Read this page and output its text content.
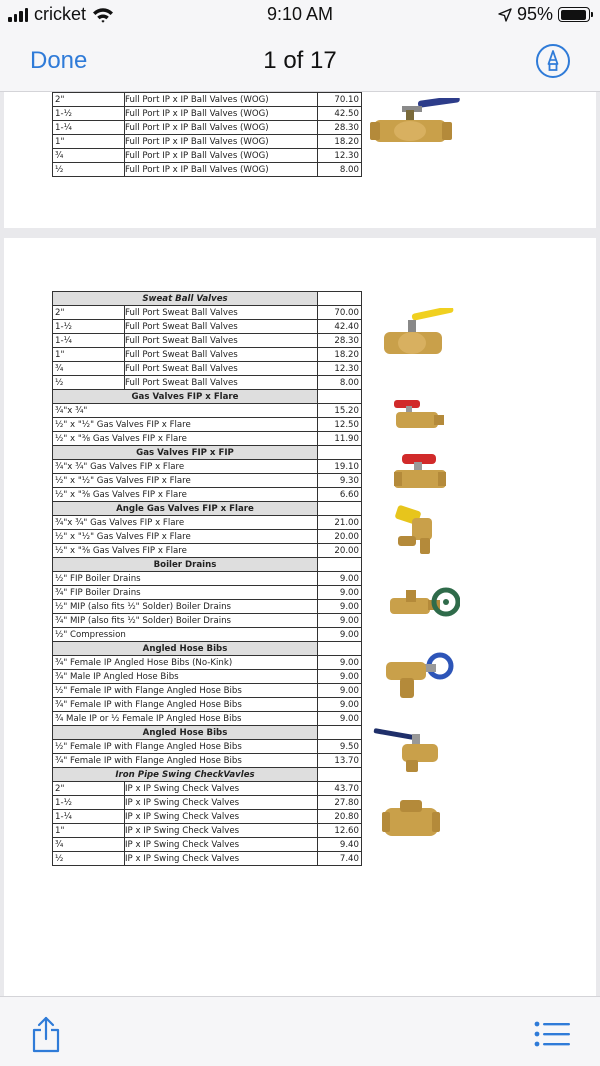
cricket	9:10 AM	95%
Done	1 of 17
2"	Full Port IP x IP Ball Valves (WOG)	70.10
1-½	Full Port IP x IP Ball Valves (WOG)	42.50
1-¼	Full Port IP x IP Ball Valves (WOG)	28.30
1"	Full Port IP x IP Ball Valves (WOG)	18.20
¾	Full Port IP x IP Ball Valves (WOG)	12.30
½	Full Port IP x IP Ball Valves (WOG)	8.00
Sweat Ball Valves		
2"	Full Port Sweat Ball Valves	70.00
1-½	Full Port Sweat Ball Valves	42.40
1-¼	Full Port Sweat Ball Valves	28.30
1"	Full Port Sweat Ball Valves	18.20
¾	Full Port Sweat Ball Valves	12.30
½	Full Port Sweat Ball Valves	8.00
Gas Valves FIP x Flare		
¾"x ¾"		15.20
½" x "½" Gas Valves FIP x Flare		12.50
½" x "⅜ Gas Valves FIP x Flare		11.90
Gas Valves FIP x FIP		
¾"x ¾" Gas Valves FIP x Flare		19.10
½" x "½" Gas Valves FIP x Flare		9.30
½" x "⅜ Gas Valves FIP x Flare		6.60
Angle Gas Valves FIP x Flare		
¾"x ¾" Gas Valves FIP x Flare		21.00
½" x "½" Gas Valves FIP x Flare		20.00
½" x "⅜ Gas Valves FIP x Flare		20.00
Boiler Drains		
½" FIP Boiler Drains		9.00
¾" FIP Boiler Drains		9.00
½" MIP (also fits ½" Solder) Boiler Drains		9.00
¾" MIP (also fits ½" Solder) Boiler Drains		9.00
½" Compression		9.00
Angled Hose Bibs		
¾" Female IP Angled Hose Bibs (No-Kink)		9.00
¾" Male IP Angled Hose Bibs		9.00
½" Female IP with Flange Angled Hose Bibs		9.00
¾" Female IP with Flange Angled Hose Bibs		9.00
¾ Male IP or ½ Female IP Angled Hose Bibs		9.00
Angled Hose Bibs		
½" Female IP with Flange Angled Hose Bibs		9.50
¾" Female IP with Flange Angled Hose Bibs		13.70
Iron Pipe Swing CheckVavles		
2"	IP x IP Swing Check Valves	43.70
1-½	IP x IP Swing Check Valves	27.80
1-¼	IP x IP Swing Check Valves	20.80
1"	IP x IP Swing Check Valves	12.60
¾	IP x IP Swing Check Valves	9.40
½	IP x IP Swing Check Valves	7.40
